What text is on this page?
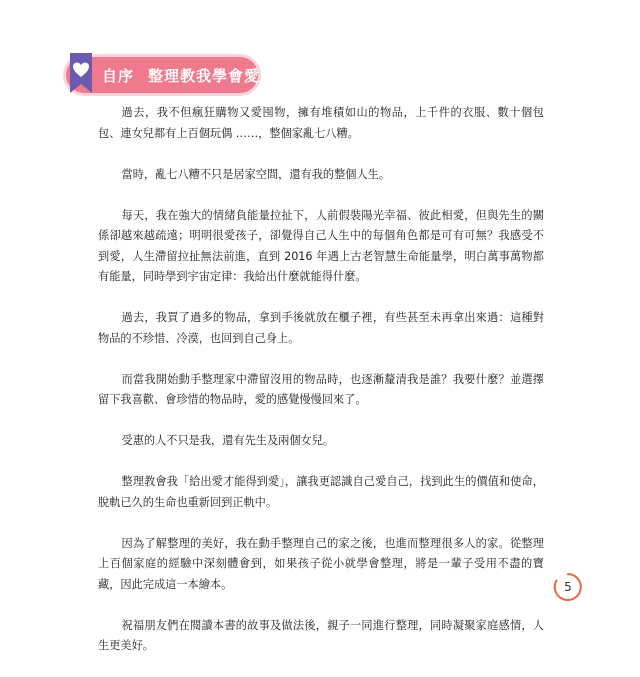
自序 整理教我學會愛

過去，我不但瘋狂購物又愛囤物，擁有堆積如山的物品，上千件的衣服、數十個包包、連女兒都有上百個玩偶 ……，整個家亂七八糟。

當時，亂七八糟不只是居家空間，還有我的整個人生。

每天，我在強大的情緒負能量拉扯下，人前假裝陽光幸福、彼此相愛，但與先生的關係卻越來越疏遠；明明很愛孩子，卻覺得自己人生中的每個角色都是可有可無？我感受不到愛，人生滯留拉扯無法前進，直到 2016 年遇上古老智慧生命能量學，明白萬事萬物都有能量，同時學到宇宙定律：我給出什麼就能得什麼。

過去，我買了過多的物品，拿到手後就放在櫃子裡，有些甚至未再拿出來過：這種對物品的不珍惜、冷漠，也回到自己身上。

而當我開始動手整理家中滯留沒用的物品時，也逐漸釐清我是誰？我要什麼？並選擇留下我喜歡、會珍惜的物品時，愛的感覺慢慢回來了。

受惠的人不只是我，還有先生及兩個女兒。

整理教會我「給出愛才能得到愛」，讓我更認識自己愛自己，找到此生的價值和使命，脫軌已久的生命也重新回到正軌中。

因為了解整理的美好，我在動手整理自己的家之後，也進而整理很多人的家。從整理上百個家庭的經驗中深刻體會到，如果孩子從小就學會整理，將是一輩子受用不盡的寶藏，因此完成這一本繪本。

祝福朋友們在閱讀本書的故事及做法後，親子一同進行整理，同時凝聚家庭感情，人生更美好。

5
